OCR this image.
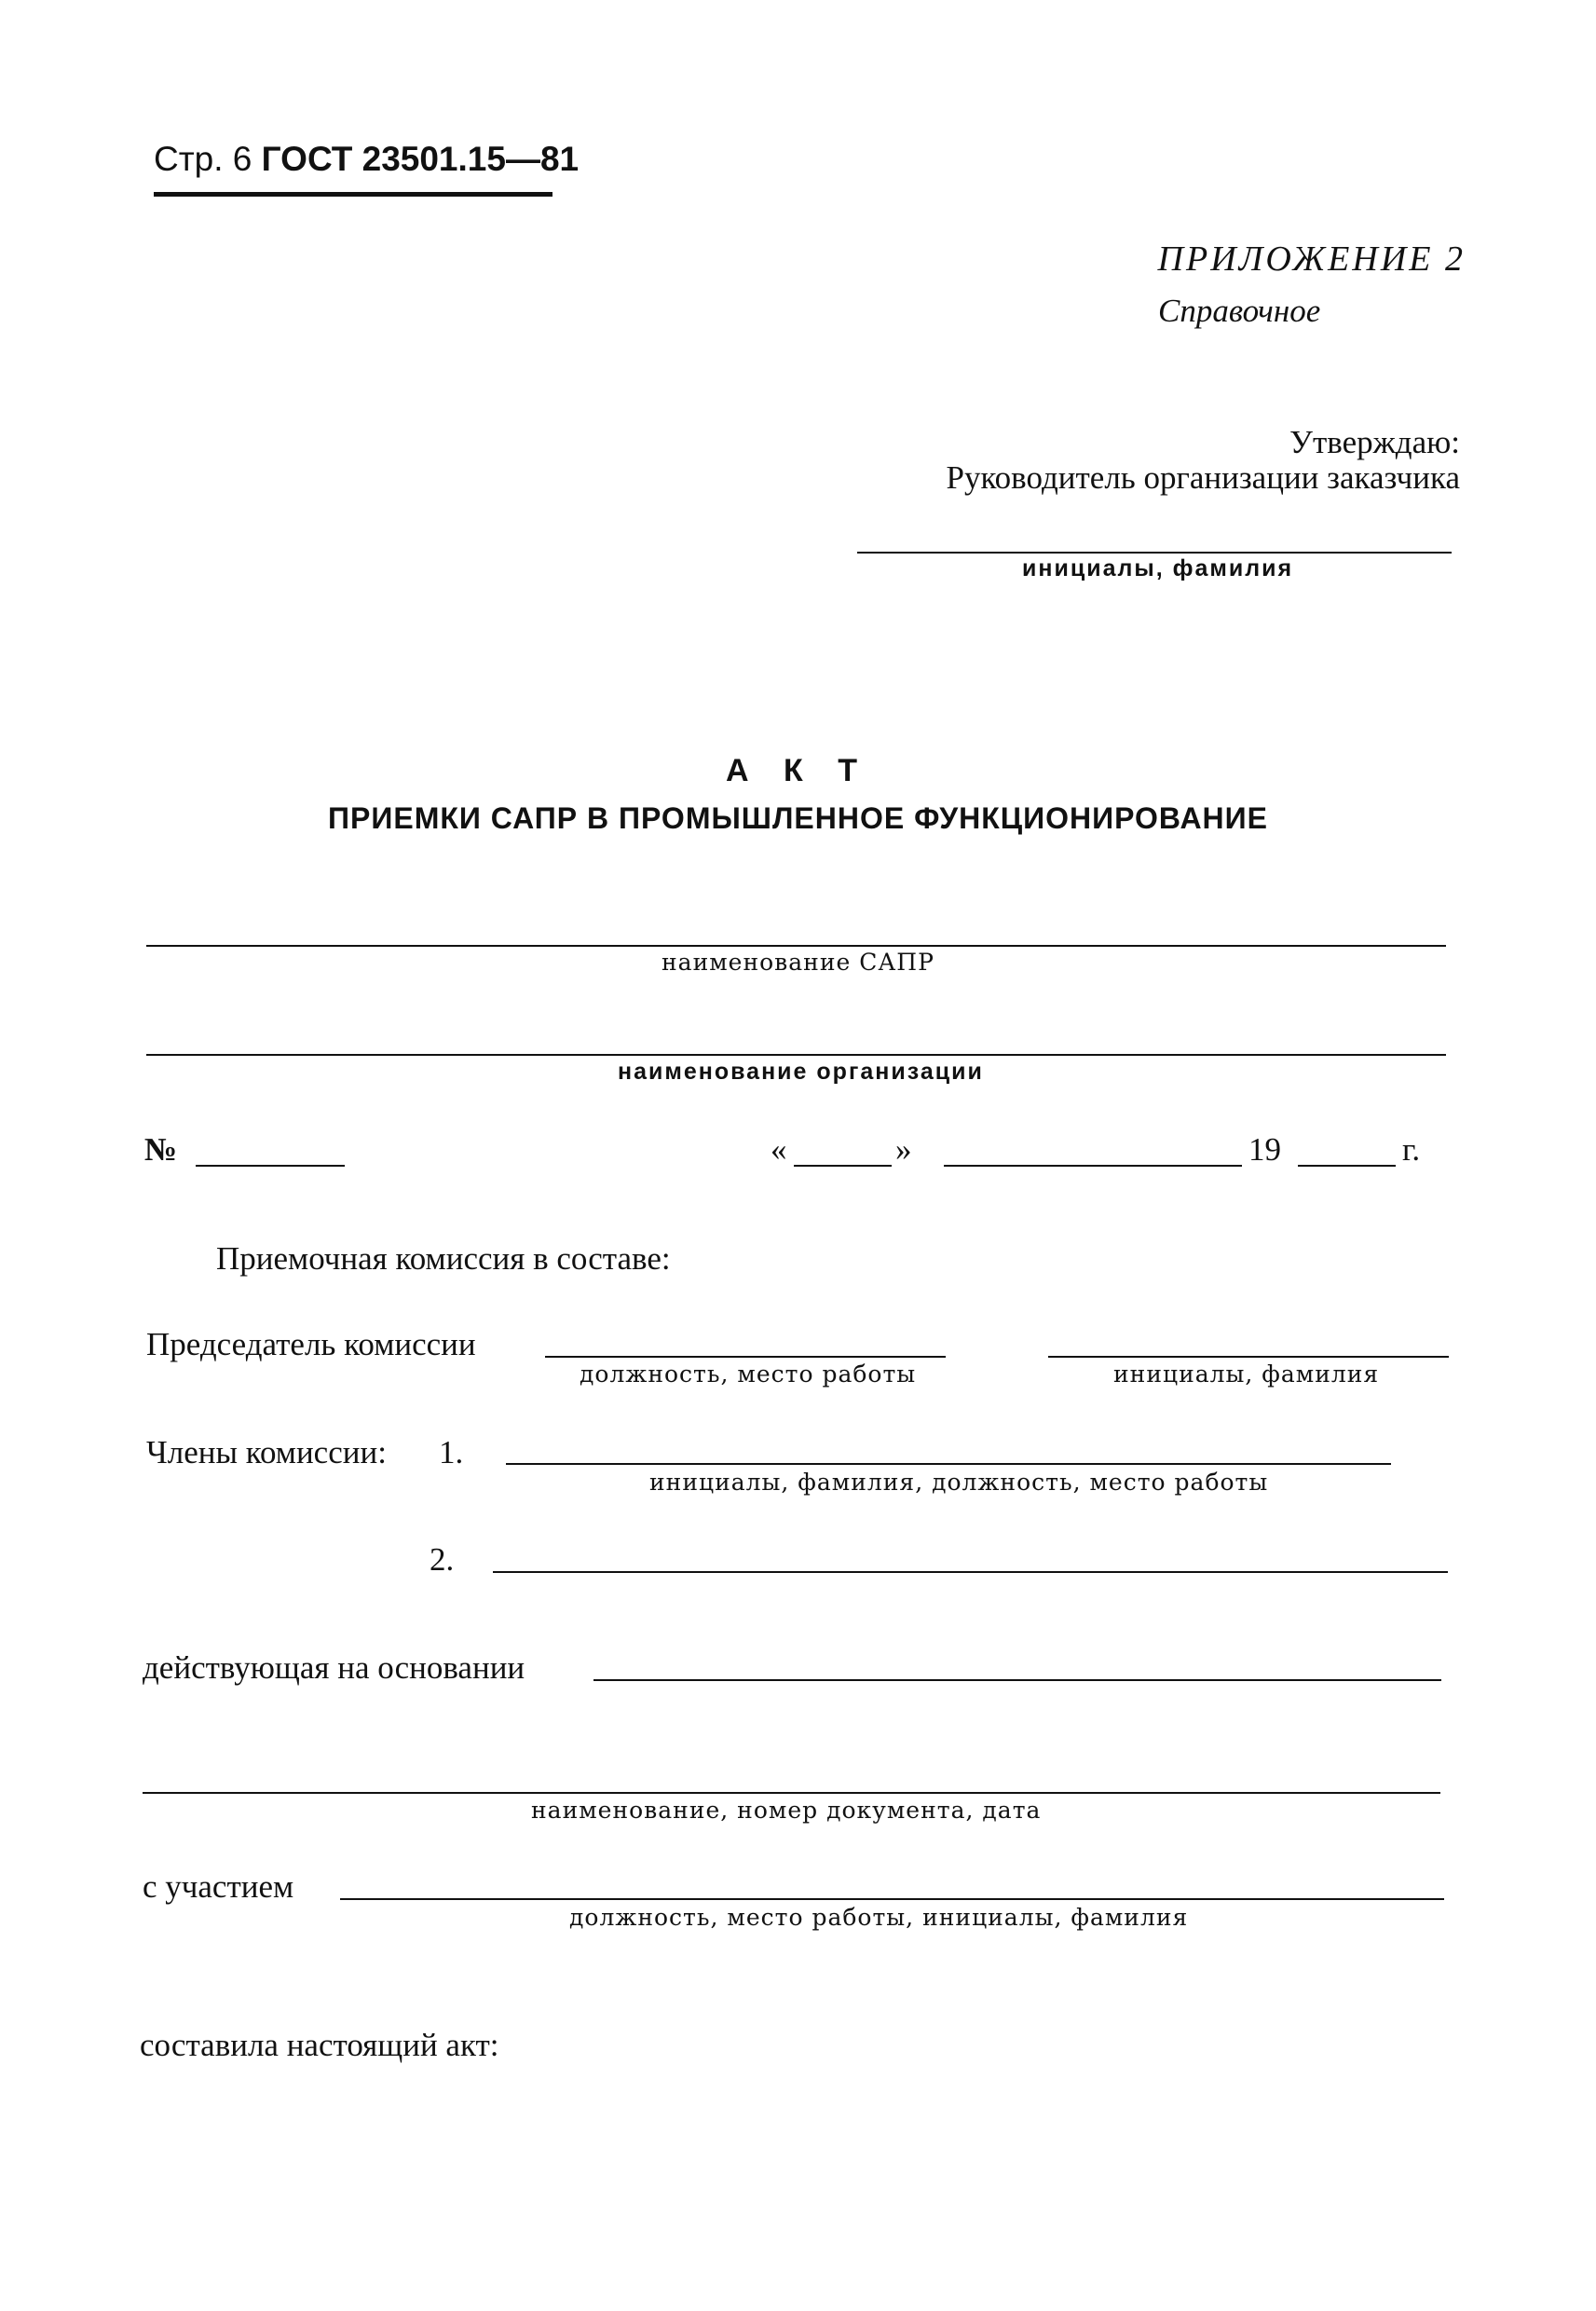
Стр. 6 ГОСТ 23501.15—81
ПРИЛОЖЕНИЕ 2
Справочное
Утверждаю:
Руководитель организации заказчика
инициалы, фамилия
А К Т
ПРИЕМКИ САПР В ПРОМЫШЛЕННОЕ ФУНКЦИОНИРОВАНИЕ
наименование САПР
наименование организации
№	«	»	19	г.
Приемочная комиссия в составе:
Председатель комиссии
должность, место работы	инициалы, фамилия
Члены комиссии: 1.
инициалы, фамилия, должность, место работы
2.
действующая на основании
наименование, номер документа, дата
с участием
должность, место работы, инициалы, фамилия
составила настоящий акт:
